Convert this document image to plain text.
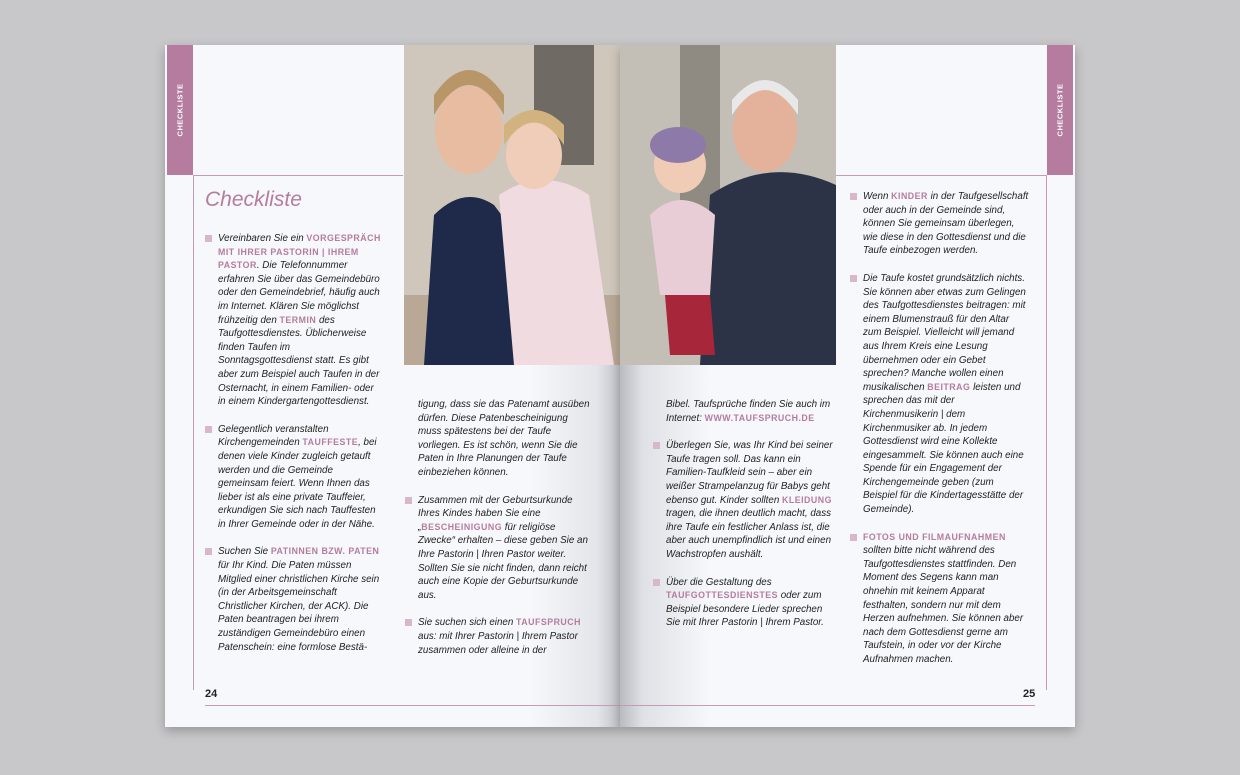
CHECKLISTE
Checkliste
24
CHECKLISTE
25
Vereinbaren Sie ein VORGESPRÄCH MIT IHRER PASTORIN | IHREM PASTOR. Die Telefonnummer erfahren Sie über das Gemeindebüro oder den Gemeindebrief, häufig auch im Internet. Klären Sie möglichst frühzeitig den TERMIN des Taufgottesdienstes. Üblicherweise finden Taufen im Sonntagsgottesdienst statt. Es gibt aber zum Beispiel auch Taufen in der Osternacht, in einem Familien- oder in einem Kindergartengottesdienst.
Gelegentlich veranstalten Kirchengemeinden TAUFFESTE, bei denen viele Kinder zugleich getauft werden und die Gemeinde gemeinsam feiert. Wenn Ihnen das lieber ist als eine private Tauffeier, erkundigen Sie sich nach Tauffesten in Ihrer Gemeinde oder in der Nähe.
Suchen Sie PATINNEN BZW. PATEN für Ihr Kind. Die Paten müssen Mitglied einer christlichen Kirche sein (in der Arbeitsgemeinschaft Christlicher Kirchen, der ACK). Die Paten beantragen bei ihrem zuständigen Gemeindebüro einen Patenschein: eine formlose Bestä-
tigung, dass sie das Patenamt ausüben dürfen. Diese Patenbescheinigung muss spätestens bei der Taufe vorliegen. Es ist schön, wenn Sie die Paten in Ihre Planungen der Taufe einbeziehen können.
Zusammen mit der Geburtsurkunde Ihres Kindes haben Sie eine „BESCHEINIGUNG für religiöse Zwecke“ erhalten – diese geben Sie an Ihre Pastorin | Ihren Pastor weiter. Sollten Sie sie nicht finden, dann reicht auch eine Kopie der Geburtsurkunde aus.
Sie suchen sich einen TAUFSPRUCH aus: mit Ihrer Pastorin | Ihrem Pastor zusammen oder alleine in der
Bibel. Taufsprüche finden Sie auch im Internet: WWW.TAUFSPRUCH.DE
Überlegen Sie, was Ihr Kind bei seiner Taufe tragen soll. Das kann ein Familien-Taufkleid sein – aber ein weißer Strampelanzug für Babys geht ebenso gut. Kinder sollten KLEIDUNG tragen, die ihnen deutlich macht, dass ihre Taufe ein festlicher Anlass ist, die aber auch unempfindlich ist und einen Wachstropfen aushält.
Über die Gestaltung des TAUFGOTTESDIENSTES oder zum Beispiel besondere Lieder sprechen Sie mit Ihrer Pastorin | Ihrem Pastor.
Wenn KINDER in der Taufgesellschaft oder auch in der Gemeinde sind, können Sie gemeinsam überlegen, wie diese in den Gottesdienst und die Taufe einbezogen werden.
Die Taufe kostet grundsätzlich nichts. Sie können aber etwas zum Gelingen des Taufgottesdienstes beitragen: mit einem Blumenstrauß für den Altar zum Beispiel. Vielleicht will jemand aus Ihrem Kreis eine Lesung übernehmen oder ein Gebet sprechen? Manche wollen einen musikalischen BEITRAG leisten und sprechen das mit der Kirchenmusikerin | dem Kirchenmusiker ab. In jedem Gottesdienst wird eine Kollekte eingesammelt. Sie können auch eine Spende für ein Engagement der Kirchengemeinde geben (zum Beispiel für die Kindertagesstätte der Gemeinde).
FOTOS UND FILMAUFNAHMEN sollten bitte nicht während des Taufgottesdienstes stattfinden. Den Moment des Segens kann man ohnehin mit keinem Apparat festhalten, sondern nur mit dem Herzen aufnehmen. Sie können aber nach dem Gottesdienst gerne am Taufstein, in oder vor der Kirche Aufnahmen machen.
